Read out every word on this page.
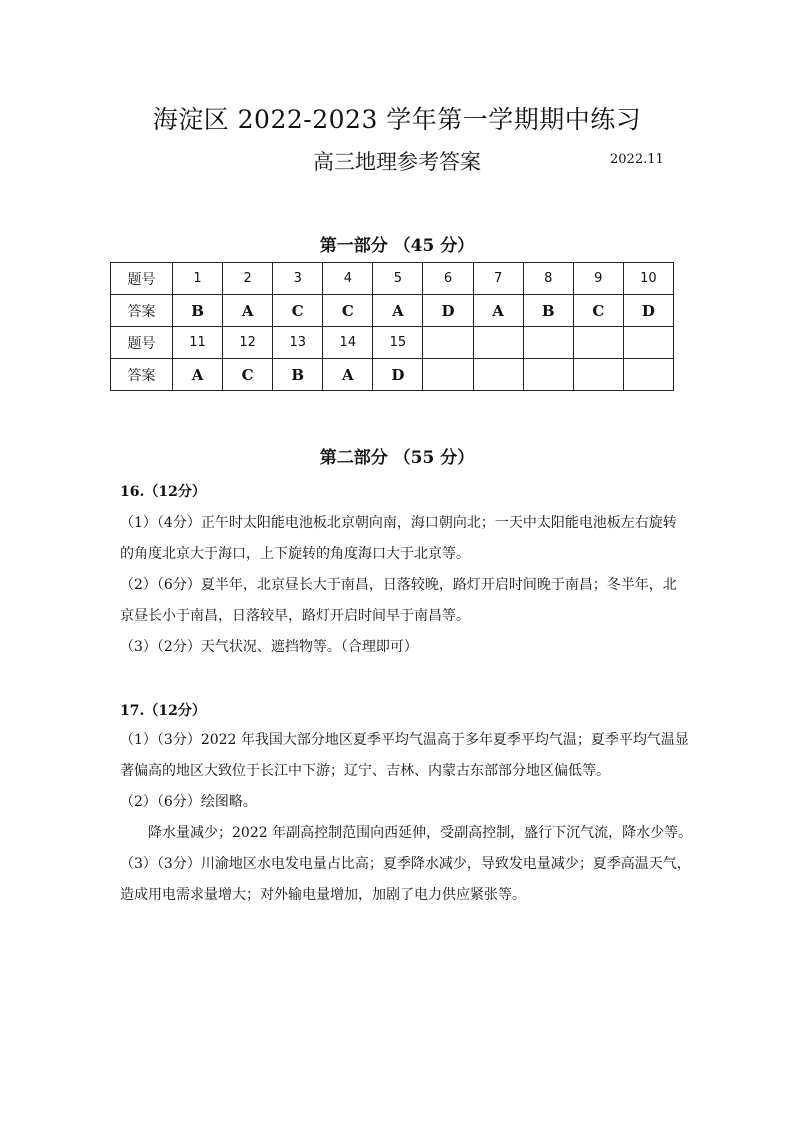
海淀区 2022-2023 学年第一学期期中练习
高三地理参考答案	2022.11
第一部分 （45 分）
题号	1	2	3	4	5	6	7	8	9	10
答案	B	A	C	C	A	D	A	B	C	D
题号	11	12	13	14	15					
答案	A	C	B	A	D					
第二部分 （55 分）
16.（12分）
（1）（4分）正午时太阳能电池板北京朝向南，海口朝向北；一天中太阳能电池板左右旋转
的角度北京大于海口，上下旋转的角度海口大于北京等。
（2）（6分）夏半年，北京昼长大于南昌，日落较晚，路灯开启时间晚于南昌；冬半年，北
京昼长小于南昌，日落较早，路灯开启时间早于南昌等。
（3）（2分）天气状况、遮挡物等。（合理即可）
17.（12分）
（1）（3分）2022 年我国大部分地区夏季平均气温高于多年夏季平均气温；夏季平均气温显
著偏高的地区大致位于长江中下游；辽宁、吉林、内蒙古东部部分地区偏低等。
（2）（6分）绘图略。
降水量减少；2022 年副高控制范围向西延伸，受副高控制，盛行下沉气流，降水少等。
（3）（3分）川渝地区水电发电量占比高；夏季降水减少，导致发电量减少；夏季高温天气，
造成用电需求量增大；对外输电量增加，加剧了电力供应紧张等。
